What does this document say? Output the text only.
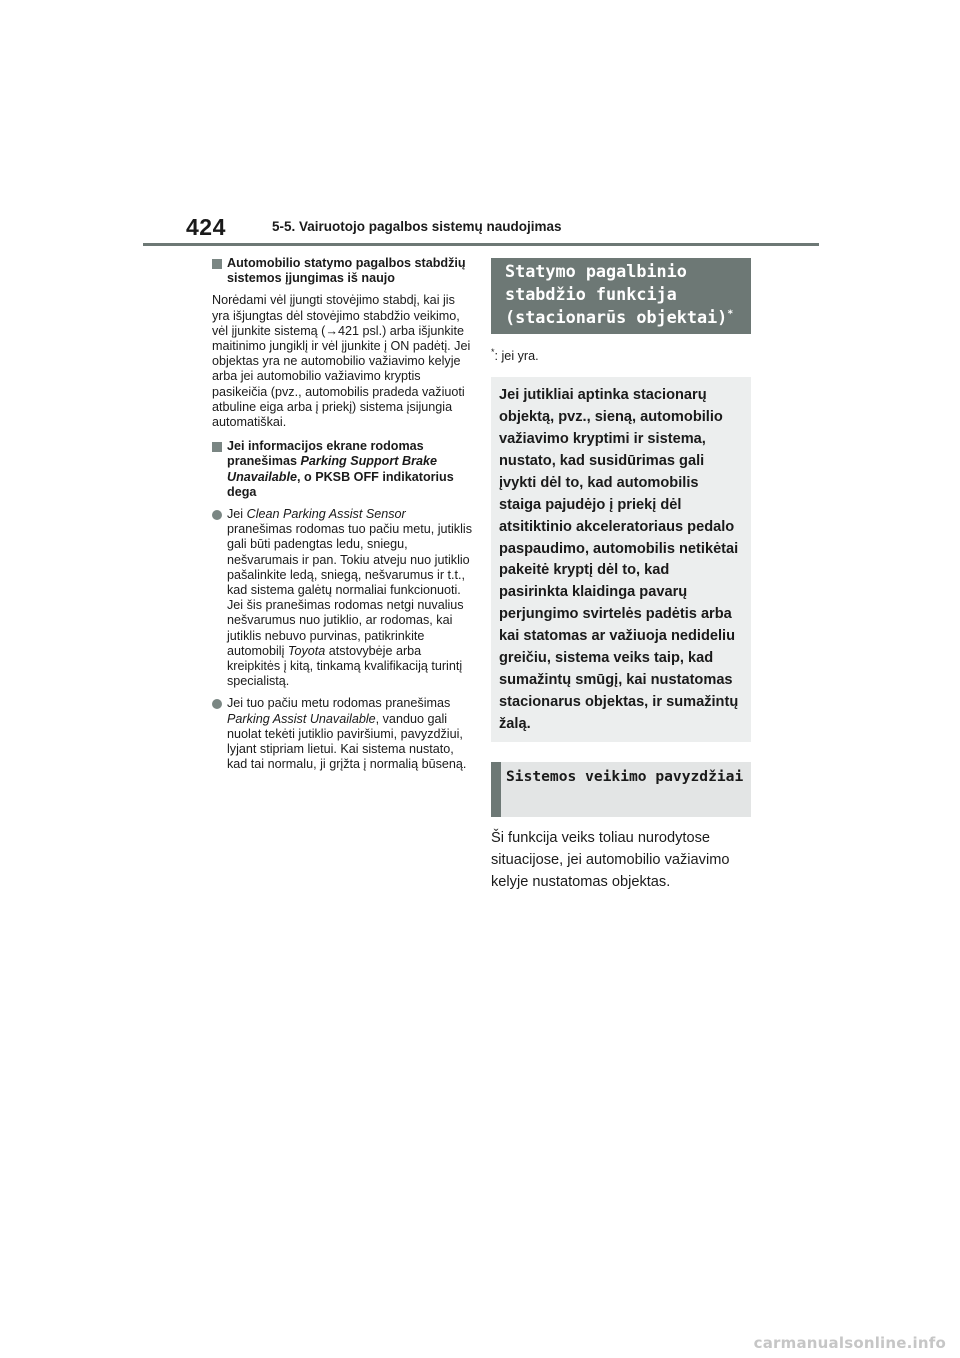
424	5-5. Vairuotojo pagalbos sistemų naudojimas
Automobilio statymo pagalbos stabdžių sistemos įjungimas iš naujo

Norėdami vėl įjungti stovėjimo stabdį, kai jis yra išjungtas dėl stovėjimo stabdžio veikimo, vėl įjunkite sistemą (→421 psl.) arba išjunkite maitinimo jungiklį ir vėl įjunkite į ON padėtį. Jei objektas yra ne automobilio važiavimo kelyje arba jei automobilio važiavimo kryptis pasikeičia (pvz., automobilis pradeda važiuoti atbuline eiga arba į priekį) sistema įsijungia automatiškai.

Jei informacijos ekrane rodomas pranešimas Parking Support Brake Unavailable, o PKSB OFF indikatorius dega
Jei Clean Parking Assist Sensor pranešimas rodomas tuo pačiu metu, jutiklis gali būti padengtas ledu, sniegu, nešvarumais ir pan. Tokiu atveju nuo jutiklio pašalinkite ledą, sniegą, nešvarumus ir t.t., kad sistema galėtų normaliai funkcionuoti. Jei šis pranešimas rodomas netgi nuvalius nešvarumus nuo jutiklio, ar rodomas, kai jutiklis nebuvo purvinas, patikrinkite automobilį Toyota atstovybėje arba kreipkitės į kitą, tinkamą kvalifikaciją turintį specialistą.
Jei tuo pačiu metu rodomas pranešimas Parking Assist Unavailable, vanduo gali nuolat tekėti jutiklio paviršiumi, pavyzdžiui, lyjant stipriam lietui. Kai sistema nustato, kad tai normalu, ji grįžta į normalią būseną.
Statymo pagalbinio stabdžio funkcija (stacionarūs objektai)*
*: jei yra.

Jei jutikliai aptinka stacionarų objektą, pvz., sieną, automobilio važiavimo kryptimi ir sistema, nustato, kad susidūrimas gali įvykti dėl to, kad automobilis staiga pajudėjo į priekį dėl atsitiktinio akceleratoriaus pedalo paspaudimo, automobilis netikėtai pakeitė kryptį dėl to, kad pasirinkta klaidinga pavarų perjungimo svirtelės padėtis arba kai statomas ar važiuoja nedideliu greičiu, sistema veiks taip, kad sumažintų smūgį, kai nustatomas stacionarus objektas, ir sumažintų žalą.

Sistemos veikimo pavyzdžiai
Ši funkcija veiks toliau nurodytose situacijose, jei automobilio važiavimo kelyje nustatomas objektas.
carmanualsonline.info
